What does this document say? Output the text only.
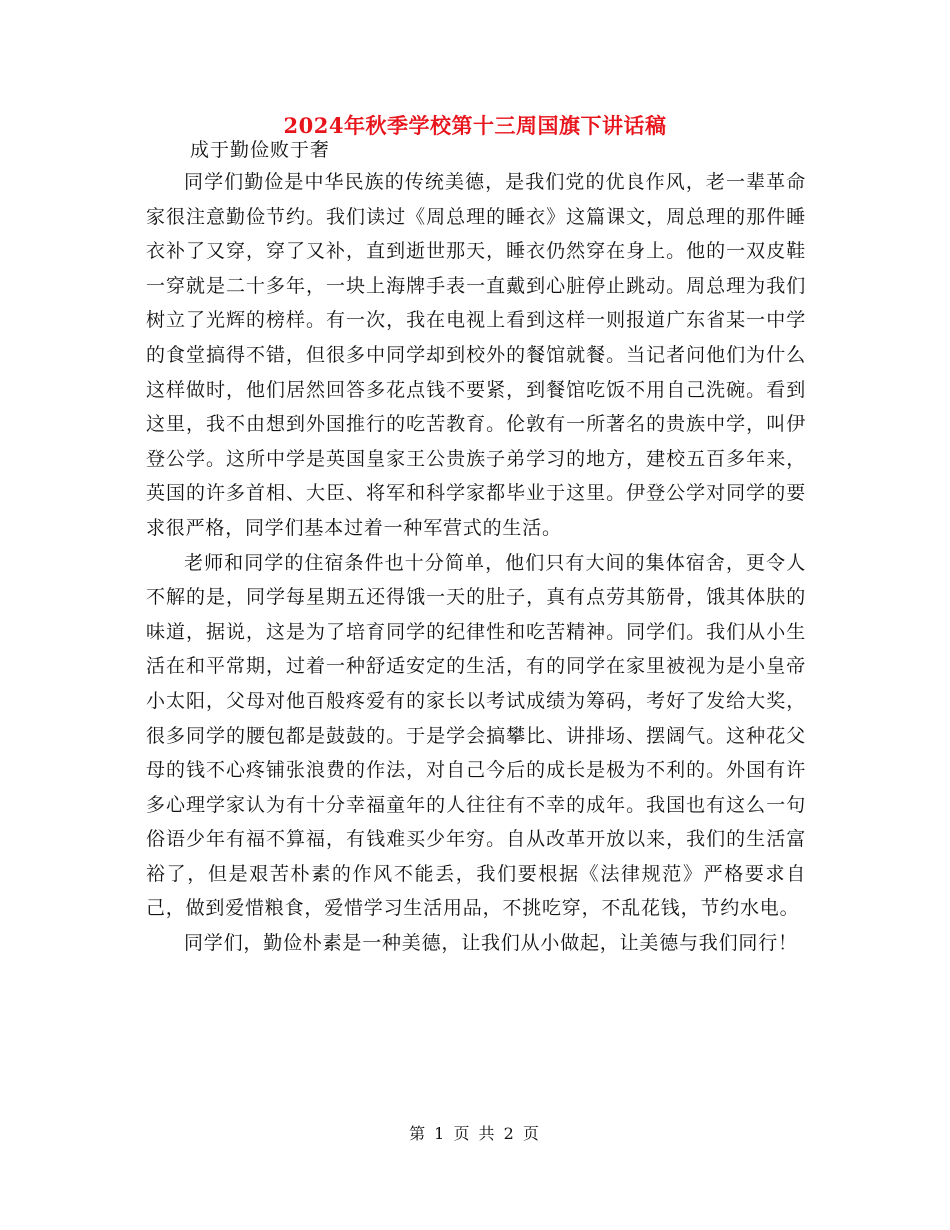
2024年秋季学校第十三周国旗下讲话稿
成于勤俭败于奢

同学们勤俭是中华民族的传统美德，是我们党的优良作风，老一辈革命家很注意勤俭节约。我们读过《周总理的睡衣》这篇课文，周总理的那件睡衣补了又穿，穿了又补，直到逝世那天，睡衣仍然穿在身上。他的一双皮鞋一穿就是二十多年，一块上海牌手表一直戴到心脏停止跳动。周总理为我们树立了光辉的榜样。有一次，我在电视上看到这样一则报道广东省某一中学的食堂搞得不错，但很多中同学却到校外的餐馆就餐。当记者问他们为什么这样做时，他们居然回答多花点钱不要紧，到餐馆吃饭不用自己洗碗。看到这里，我不由想到外国推行的吃苦教育。伦敦有一所著名的贵族中学，叫伊登公学。这所中学是英国皇家王公贵族子弟学习的地方，建校五百多年来，英国的许多首相、大臣、将军和科学家都毕业于这里。伊登公学对同学的要求很严格，同学们基本过着一种军营式的生活。

老师和同学的住宿条件也十分简单，他们只有大间的集体宿舍，更令人不解的是，同学每星期五还得饿一天的肚子，真有点劳其筋骨，饿其体肤的味道，据说，这是为了培育同学的纪律性和吃苦精神。同学们。我们从小生活在和平常期，过着一种舒适安定的生活，有的同学在家里被视为是小皇帝小太阳，父母对他百般疼爱有的家长以考试成绩为筹码，考好了发给大奖，很多同学的腰包都是鼓鼓的。于是学会搞攀比、讲排场、摆阔气。这种花父母的钱不心疼铺张浪费的作法，对自己今后的成长是极为不利的。外国有许多心理学家认为有十分幸福童年的人往往有不幸的成年。我国也有这么一句俗语少年有福不算福，有钱难买少年穷。自从改革开放以来，我们的生活富裕了，但是艰苦朴素的作风不能丢，我们要根据《法律规范》严格要求自己，做到爱惜粮食，爱惜学习生活用品，不挑吃穿，不乱花钱，节约水电。

同学们，勤俭朴素是一种美德，让我们从小做起，让美德与我们同行！

第 1 页 共 2 页
